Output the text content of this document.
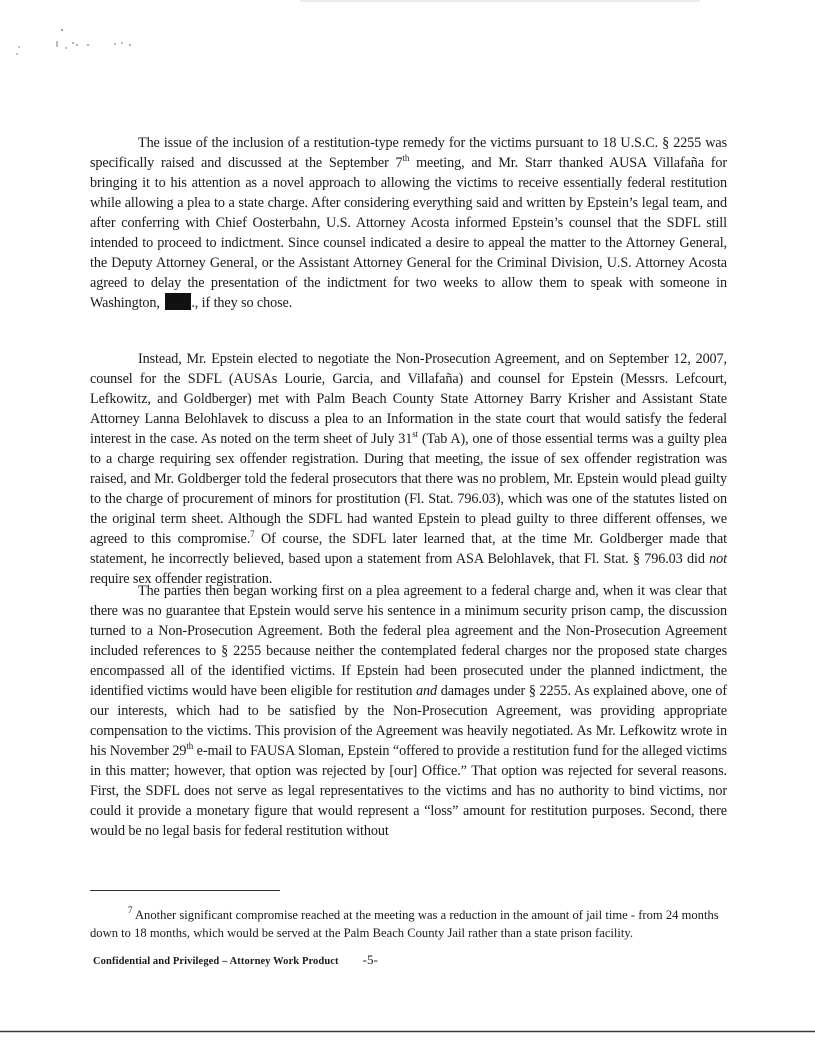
The issue of the inclusion of a restitution-type remedy for the victims pursuant to 18 U.S.C. § 2255 was specifically raised and discussed at the September 7th meeting, and Mr. Starr thanked AUSA Villafaña for bringing it to his attention as a novel approach to allowing the victims to receive essentially federal restitution while allowing a plea to a state charge. After considering everything said and written by Epstein’s legal team, and after conferring with Chief Oosterbahn, U.S. Attorney Acosta informed Epstein’s counsel that the SDFL still intended to proceed to indictment. Since counsel indicated a desire to appeal the matter to the Attorney General, the Deputy Attorney General, or the Assistant Attorney General for the Criminal Division, U.S. Attorney Acosta agreed to delay the presentation of the indictment for two weeks to allow them to speak with someone in Washington, ., if they so chose.

Instead, Mr. Epstein elected to negotiate the Non-Prosecution Agreement, and on September 12, 2007, counsel for the SDFL (AUSAs Lourie, Garcia, and Villafaña) and counsel for Epstein (Messrs. Lefcourt, Lefkowitz, and Goldberger) met with Palm Beach County State Attorney Barry Krisher and Assistant State Attorney Lanna Belohlavek to discuss a plea to an Information in the state court that would satisfy the federal interest in the case. As noted on the term sheet of July 31st (Tab A), one of those essential terms was a guilty plea to a charge requiring sex offender registration. During that meeting, the issue of sex offender registration was raised, and Mr. Goldberger told the federal prosecutors that there was no problem, Mr. Epstein would plead guilty to the charge of procurement of minors for prostitution (Fl. Stat. 796.03), which was one of the statutes listed on the original term sheet. Although the SDFL had wanted Epstein to plead guilty to three different offenses, we agreed to this compromise.$^7$ Of course, the SDFL later learned that, at the time Mr. Goldberger made that statement, he incorrectly believed, based upon a statement from ASA Belohlavek, that Fl. Stat. § 796.03 did not require sex offender registration.

The parties then began working first on a plea agreement to a federal charge and, when it was clear that there was no guarantee that Epstein would serve his sentence in a minimum security prison camp, the discussion turned to a Non-Prosecution Agreement. Both the federal plea agreement and the Non-Prosecution Agreement included references to § 2255 because neither the contemplated federal charges nor the proposed state charges encompassed all of the identified victims. If Epstein had been prosecuted under the planned indictment, the identified victims would have been eligible for restitution and damages under § 2255. As explained above, one of our interests, which had to be satisfied by the Non-Prosecution Agreement, was providing appropriate compensation to the victims. This provision of the Agreement was heavily negotiated. As Mr. Lefkowitz wrote in his November 29th e-mail to FAUSA Sloman, Epstein “offered to provide a restitution fund for the alleged victims in this matter; however, that option was rejected by [our] Office.” That option was rejected for several reasons. First, the SDFL does not serve as legal representatives to the victims and has no authority to bind victims, nor could it provide a monetary figure that would represent a “loss” amount for restitution purposes. Second, there would be no legal basis for federal restitution without

$^7$ Another significant compromise reached at the meeting was a reduction in the amount of jail time - from 24 months down to 18 months, which would be served at the Palm Beach County Jail rather than a state prison facility.

Confidential and Privileged – Attorney Work Product -5-
